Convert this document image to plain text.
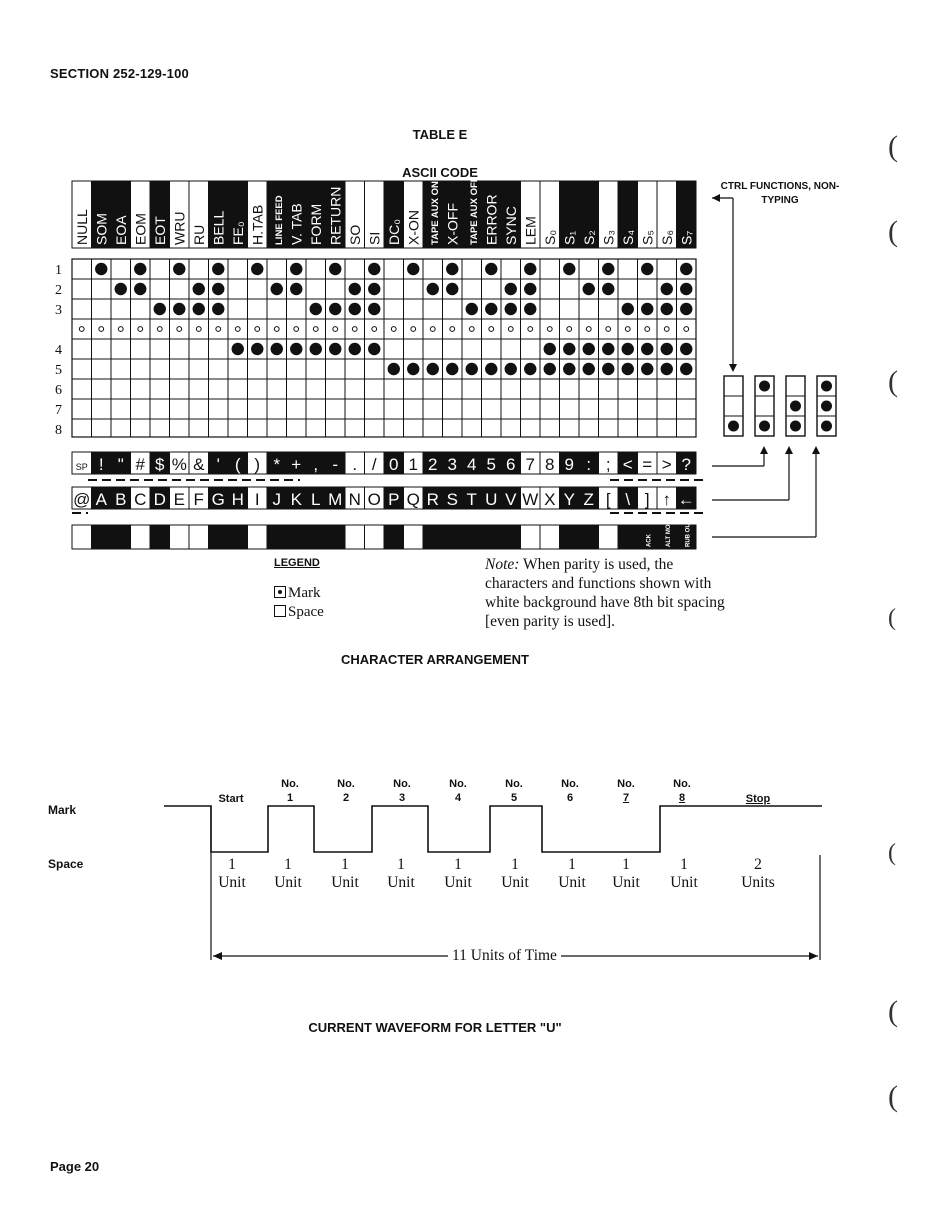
SECTION 252-129-100
TABLE E
ASCII CODE
CTRL FUNCTIONS, NON-TYPING
NULL SOM EOA EOM EOT WRU RU BELL FE₀ H.TAB LINE FEED V. TAB FORM RETURN SO SI DC₀ X-ON TAPE AUX ON X-OFF TAPE AUX OFF ERROR SYNC LEM S₀ S₁ S₂ S₃ S₄ S₅ S₆ S₇
1
2
3
4
5
6
7
8
SP ! " # $ % & ' ( ) * + , - . / 0 1 2 3 4 5 6 7 8 9 : ; < = > ?
@ A B C D E F G H I J K L M N O P Q R S T U V W X Y Z [ \ ] ↑ ←
ACK ALT MODE RUB OUT
LEGEND
Mark
Space
Note: When parity is used, the characters and functions shown with white background have 8th bit spacing [even parity is used].
CHARACTER ARRANGEMENT
Mark
Space
Start	Stop
No.
1
No.
2
No.
3
No.
4
No.
5
No.
6
No.
7
No.
8
1
Unit
1
Unit
1
Unit
1
Unit
1
Unit
1
Unit
1
Unit
1
Unit
1
Unit
2
Units
11 Units of Time
CURRENT WAVEFORM FOR LETTER "U"
(
(
(
(
(
(
(
Page 20
